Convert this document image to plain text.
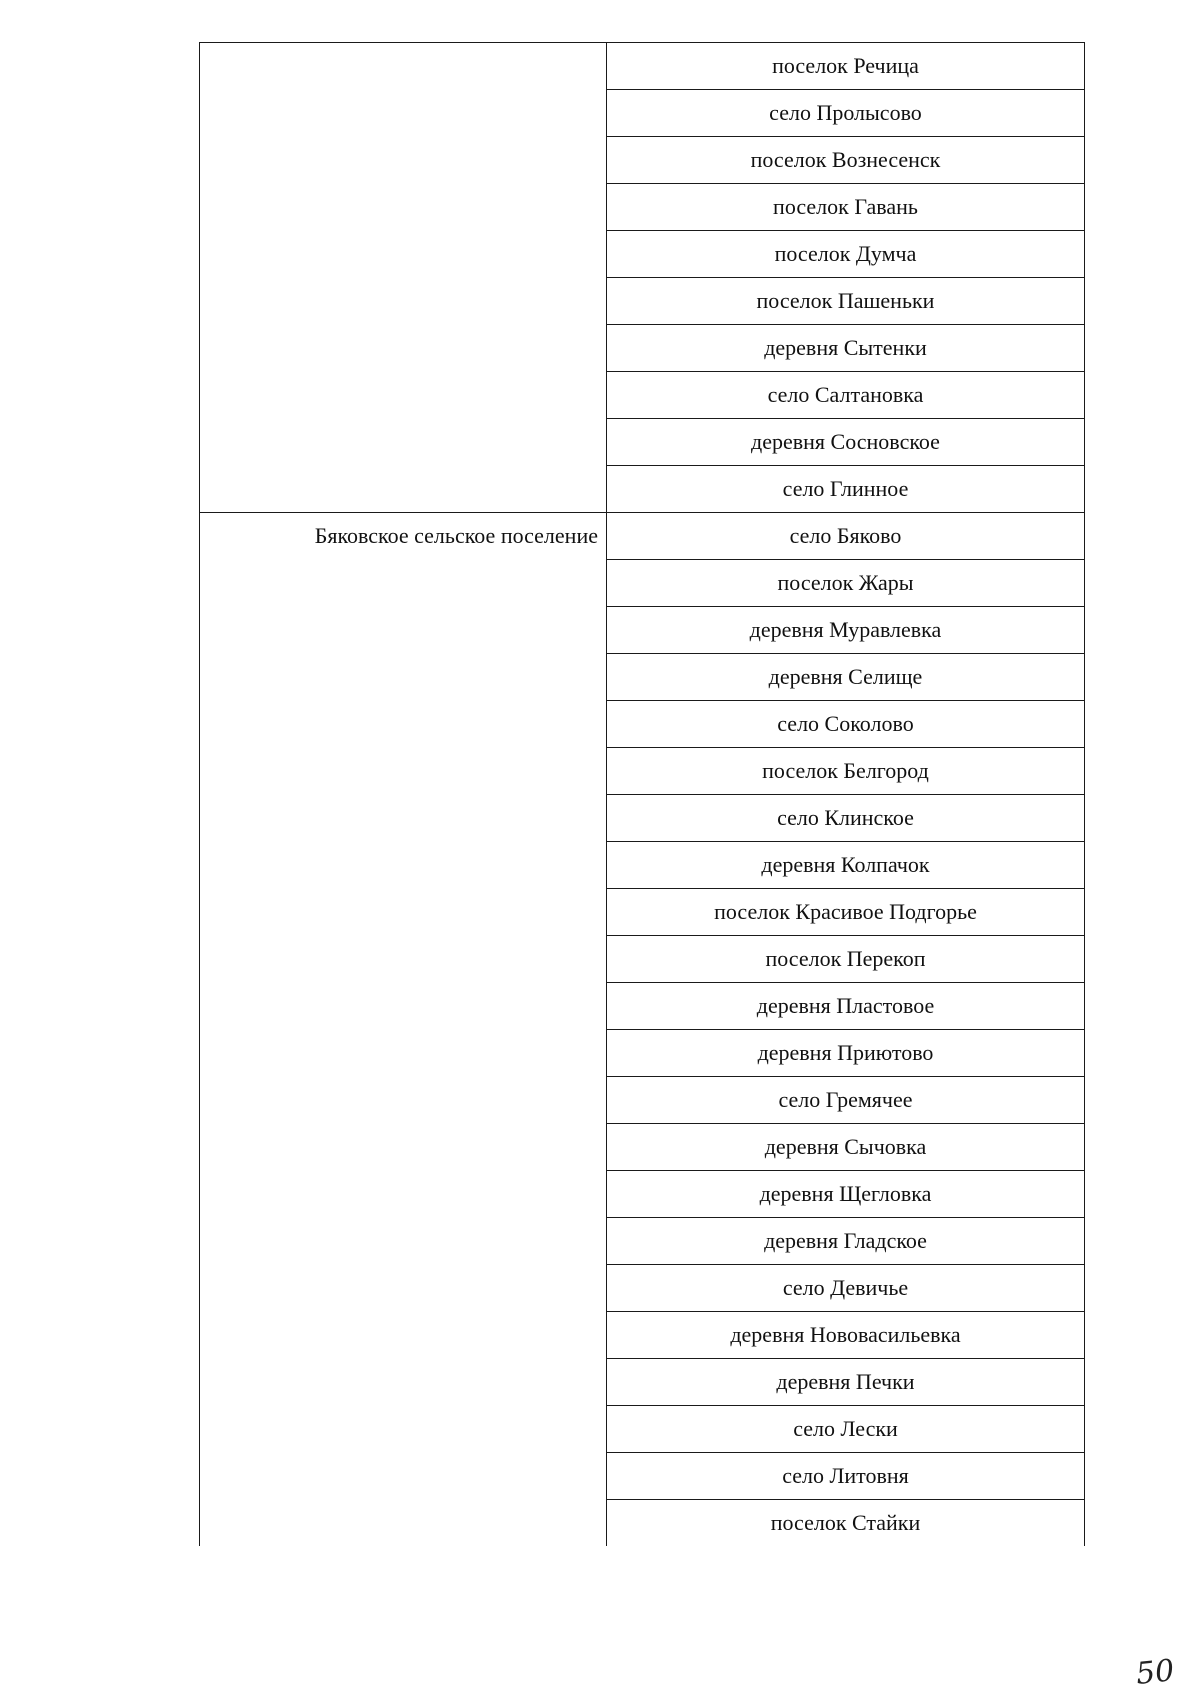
	поселок Речица
	село Пролысово
	поселок Вознесенск
	поселок Гавань
	поселок Думча
	поселок Пашеньки
	деревня Сытенки
	село Салтановка
	деревня Сосновское
	село Глинное
Бяковское сельское поселение	село Бяково
	поселок Жары
	деревня Муравлевка
	деревня Селище
	село Соколово
	поселок Белгород
	село Клинское
	деревня Колпачок
	поселок Красивое Подгорье
	поселок Перекоп
	деревня Пластовое
	деревня Приютово
	село Гремячее
	деревня Сычовка
	деревня Щегловка
	деревня Гладское
	село Девичье
	деревня Нововасильевка
	деревня Печки
	село Лески
	село Литовня
	поселок Стайки
50
